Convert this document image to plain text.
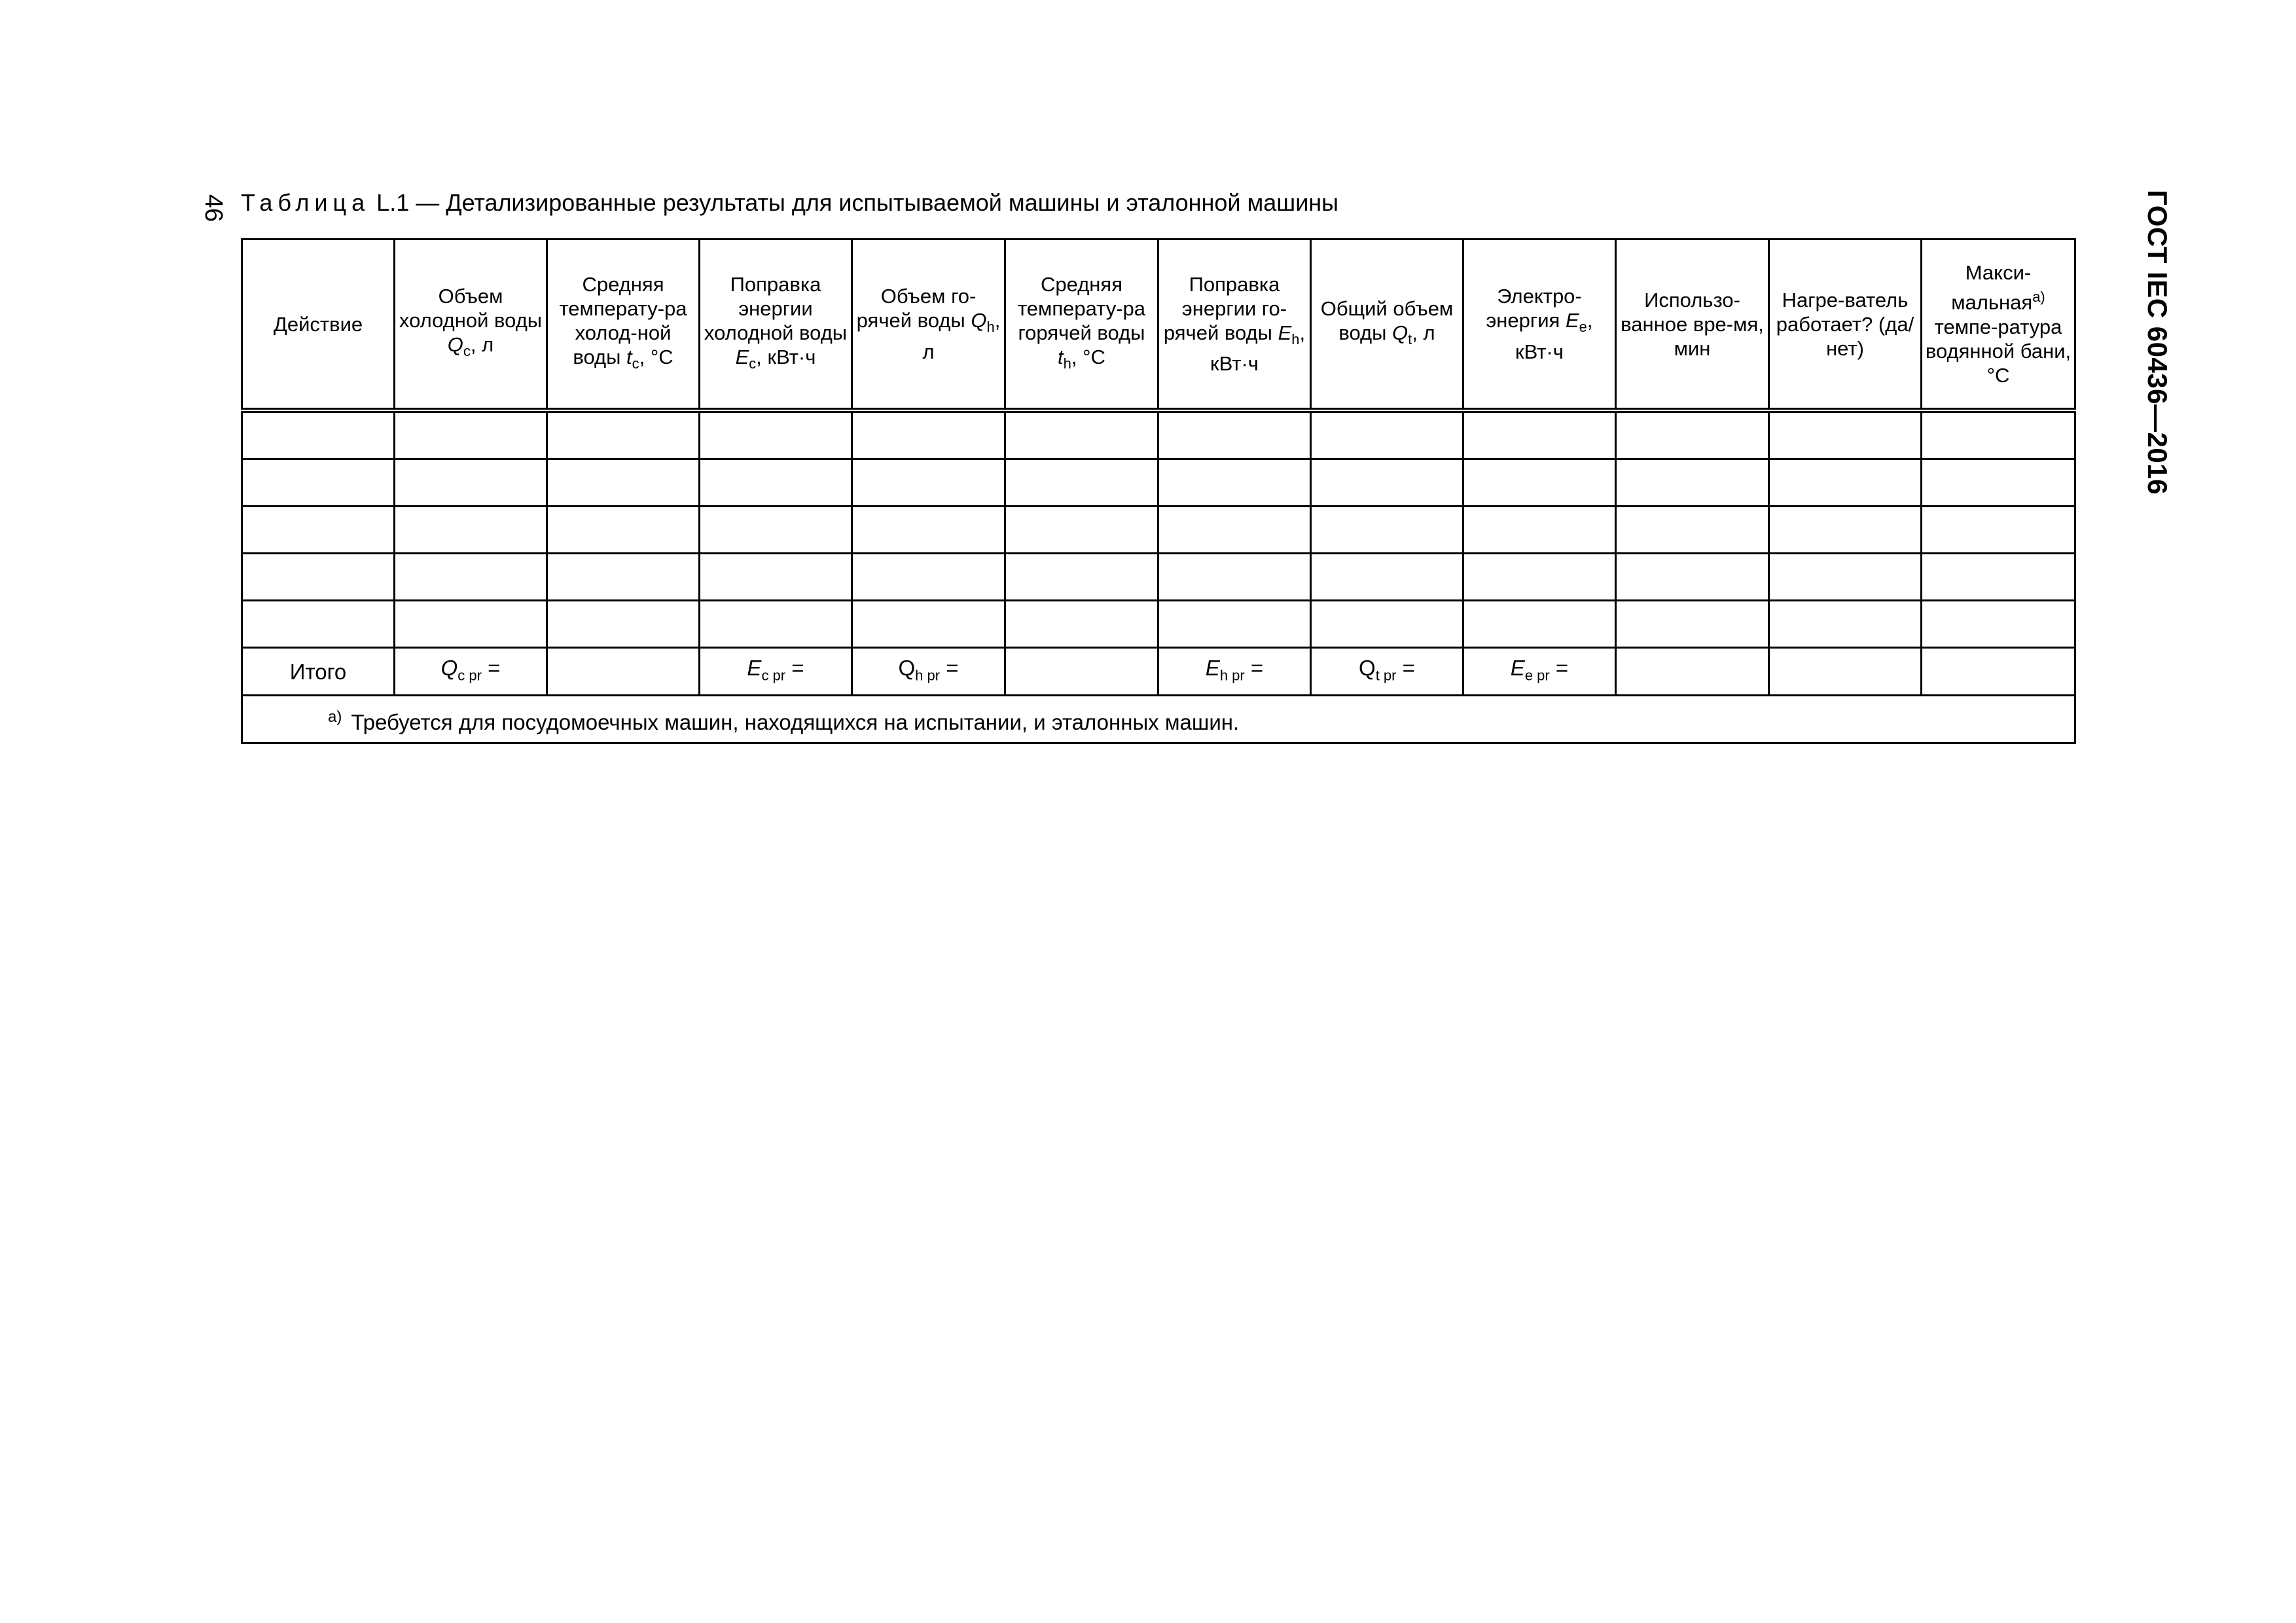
46	ГОСТ IEC 60436—2016
Таблица L.1 — Детализированные результаты для испытываемой машины и эталонной машины
Действие	Объем холодной воды $Q_c$, л	Средняя температу-ра холод-ной воды $t_c$, °C	Поправка энергии холодной воды $E_c$, кВт·ч	Объем го-рячей воды $Q_h$, л	Средняя температу-ра горячей воды $t_h$, °C	Поправка энергии го-рячей воды $E_h$, кВт·ч	Общий объем воды $Q_t$, л	Электро-энергия $E_e$, кВт·ч	Использо-ванное вре-мя, мин	Нагре-ватель работает? (да/нет)	Макси-мальная$^{а)}$ темпе-ратура водянной бани, °C

Итого	$Q_{c pr}$ =		$E_{c pr}$ =	$Q_{h pr}$ =		$E_{h pr}$ =	$Q_{t pr}$ =	$E_{e pr}$ =			
$^{а)}$ Требуется для посудомоечных машин, находящихся на испытании, и эталонных машин.											
